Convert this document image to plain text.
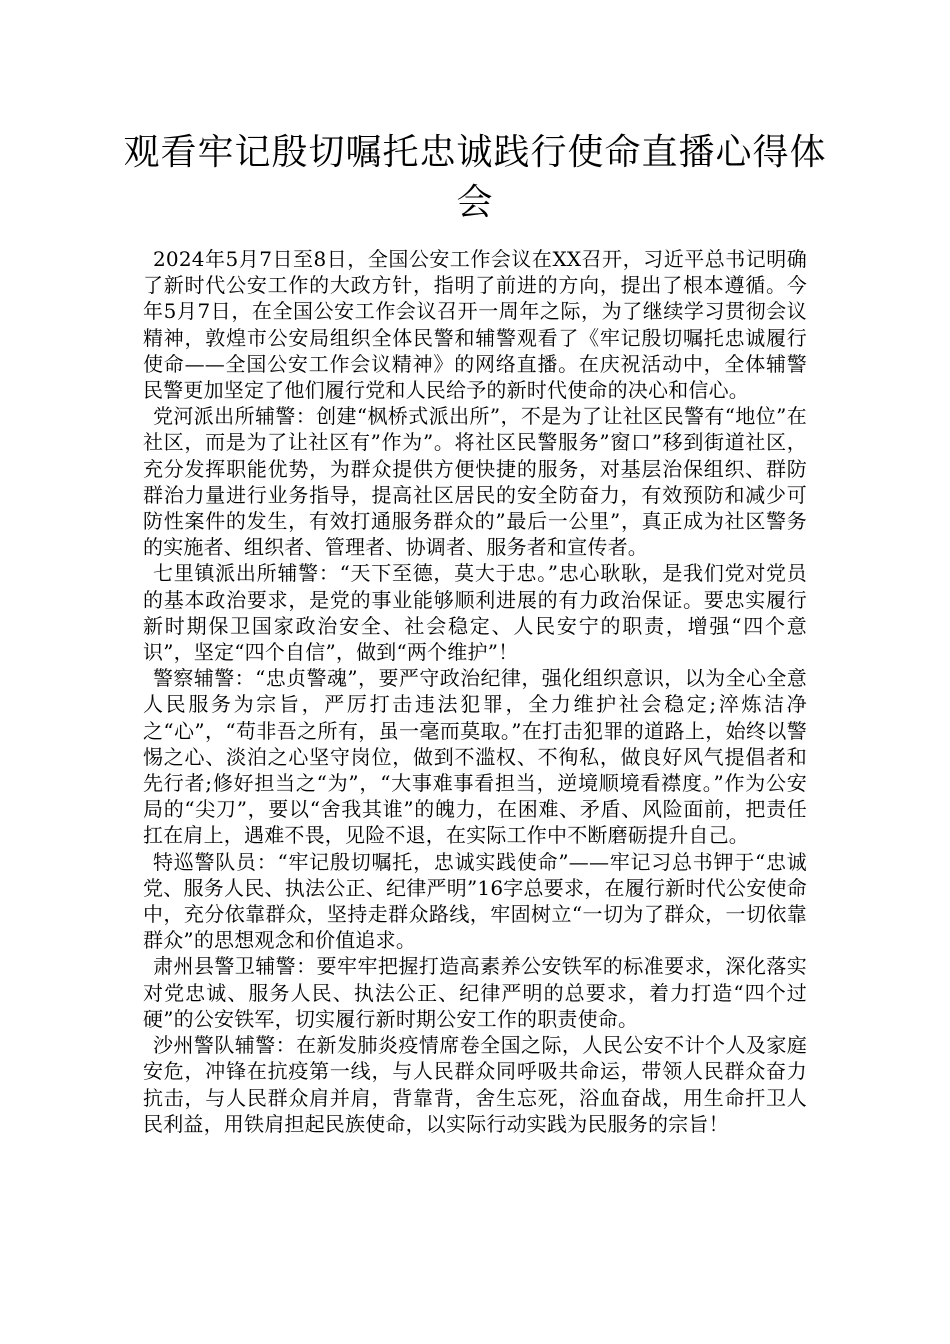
观看牢记殷切嘱托忠诚践行使命直播心得体会

2024年5月7日至8日，全国公安工作会议在XX召开，习近平总书记明确了新时代公安工作的大政方针，指明了前进的方向，提出了根本遵循。今年5月7日，在全国公安工作会议召开一周年之际，为了继续学习贯彻会议精神，敦煌市公安局组织全体民警和辅警观看了《牢记殷切嘱托忠诚履行使命——全国公安工作会议精神》的网络直播。在庆祝活动中，全体辅警民警更加坚定了他们履行党和人民给予的新时代使命的决心和信心。

党河派出所辅警：创建“枫桥式派出所”，不是为了让社区民警有“地位”在社区，而是为了让社区有”作为”。将社区民警服务”窗口”移到街道社区，充分发挥职能优势，为群众提供方便快捷的服务，对基层治保组织、群防群治力量进行业务指导，提高社区居民的安全防奋力，有效预防和减少可防性案件的发生，有效打通服务群众的”最后一公里”，真正成为社区警务的实施者、组织者、管理者、协调者、服务者和宣传者。

七里镇派出所辅警：“天下至德，莫大于忠。”忠心耿耿，是我们党对党员的基本政治要求，是党的事业能够顺利进展的有力政治保证。要忠实履行新时期保卫国家政治安全、社会稳定、人民安宁的职责，增强“四个意识”，坚定“四个自信”，做到“两个维护”！

警察辅警：“忠贞警魂”，要严守政治纪律，强化组织意识，以为全心全意人民服务为宗旨，严厉打击违法犯罪，全力维护社会稳定;淬炼洁净之“心”，“苟非吾之所有，虽一毫而莫取。”在打击犯罪的道路上，始终以警惕之心、淡泊之心坚守岗位，做到不滥权、不徇私，做良好风气提倡者和先行者;修好担当之“为”，“大事难事看担当，逆境顺境看襟度。”作为公安局的“尖刀”，要以“舍我其谁”的魄力，在困难、矛盾、风险面前，把责任扛在肩上，遇难不畏，见险不退，在实际工作中不断磨砺提升自己。

特巡警队员：“牢记殷切嘱托，忠诚实践使命”——牢记习总书钾于“忠诚党、服务人民、执法公正、纪律严明”16字总要求，在履行新时代公安使命中，充分依靠群众，坚持走群众路线，牢固树立“一切为了群众，一切依靠群众”的思想观念和价值追求。

肃州县警卫辅警：要牢牢把握打造高素养公安铁军的标准要求，深化落实对党忠诚、服务人民、执法公正、纪律严明的总要求，着力打造“四个过硬”的公安铁军，切实履行新时期公安工作的职责使命。

沙州警队辅警：在新发肺炎疫情席卷全国之际，人民公安不计个人及家庭安危，冲锋在抗疫第一线，与人民群众同呼吸共命运，带领人民群众奋力抗击，与人民群众肩并肩，背靠背，舍生忘死，浴血奋战，用生命扞卫人民利益，用铁肩担起民族使命，以实际行动实践为民服务的宗旨！
